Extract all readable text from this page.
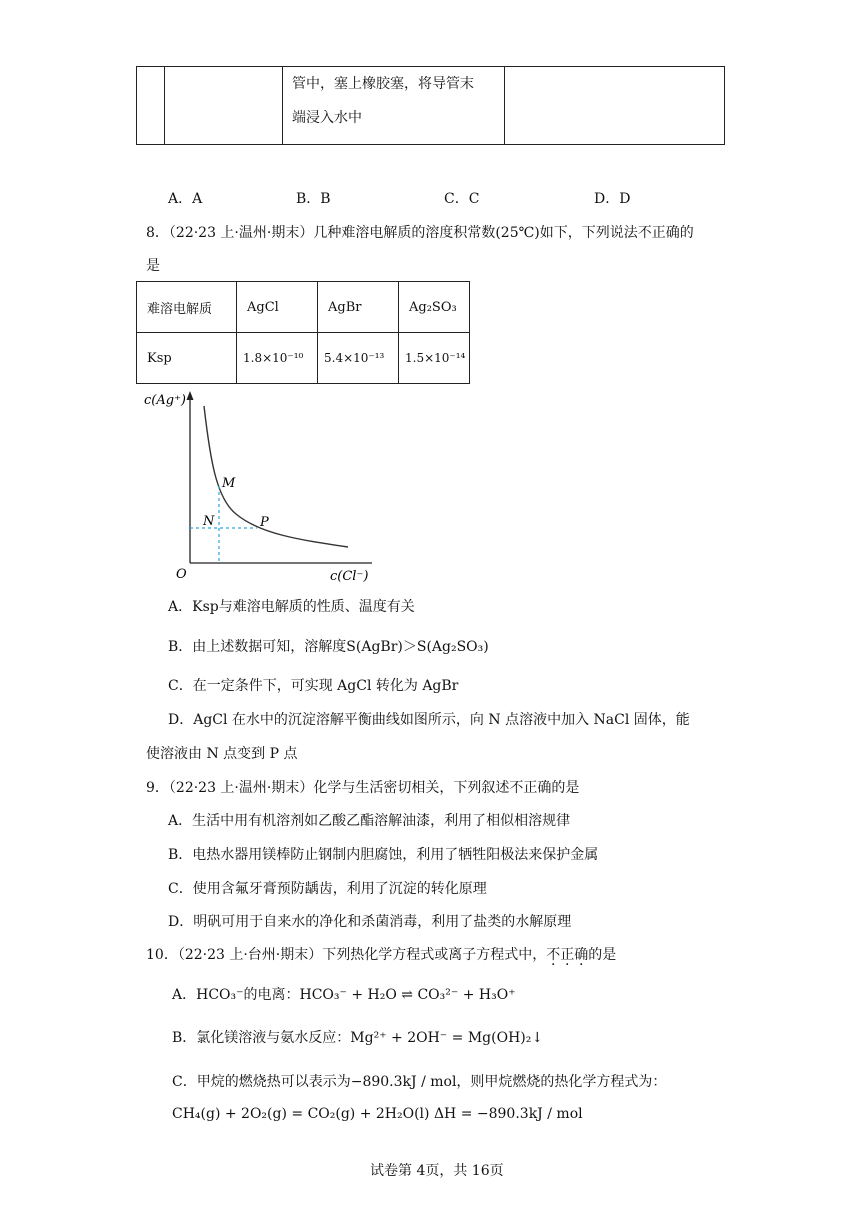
管中，塞上橡胶塞，将导管末
端浸入水中

A．A	B．B	C．C	D．D
8．（22·23 上·温州·期末）几种难溶电解质的溶度积常数(25℃)如下，下列说法不正确的
是
难溶电解质	AgCl	AgBr	Ag₂SO₃
Ksp	1.8×10⁻¹⁰	5.4×10⁻¹³	1.5×10⁻¹⁴
c(Ag⁺)
c(Cl⁻)
O
M
N	P
A．Ksp与难溶电解质的性质、温度有关
B．由上述数据可知，溶解度S(AgBr)＞S(Ag₂SO₃)
C．在一定条件下，可实现 AgCl 转化为 AgBr
D．AgCl 在水中的沉淀溶解平衡曲线如图所示，向 N 点溶液中加入 NaCl 固体，能
使溶液由 N 点变到 P 点
9．（22·23 上·温州·期末）化学与生活密切相关，下列叙述不正确的是
A．生活中用有机溶剂如乙酸乙酯溶解油漆，利用了相似相溶规律
B．电热水器用镁棒防止钢制内胆腐蚀，利用了牺牲阳极法来保护金属
C．使用含氟牙膏预防龋齿，利用了沉淀的转化原理
D．明矾可用于自来水的净化和杀菌消毒，利用了盐类的水解原理
10．（22·23 上·台州·期末）下列热化学方程式或离子方程式中，不正确的是
A．HCO₃⁻的电离：HCO₃⁻ + H₂O ⇌ CO₃²⁻ + H₃O⁺
B．氯化镁溶液与氨水反应：Mg²⁺ + 2OH⁻ = Mg(OH)₂↓
C．甲烷的燃烧热可以表示为−890.3kJ / mol，则甲烷燃烧的热化学方程式为：
CH₄(g) + 2O₂(g) = CO₂(g) + 2H₂O(l) ΔH = −890.3kJ / mol
试卷第 4页，共 16页
